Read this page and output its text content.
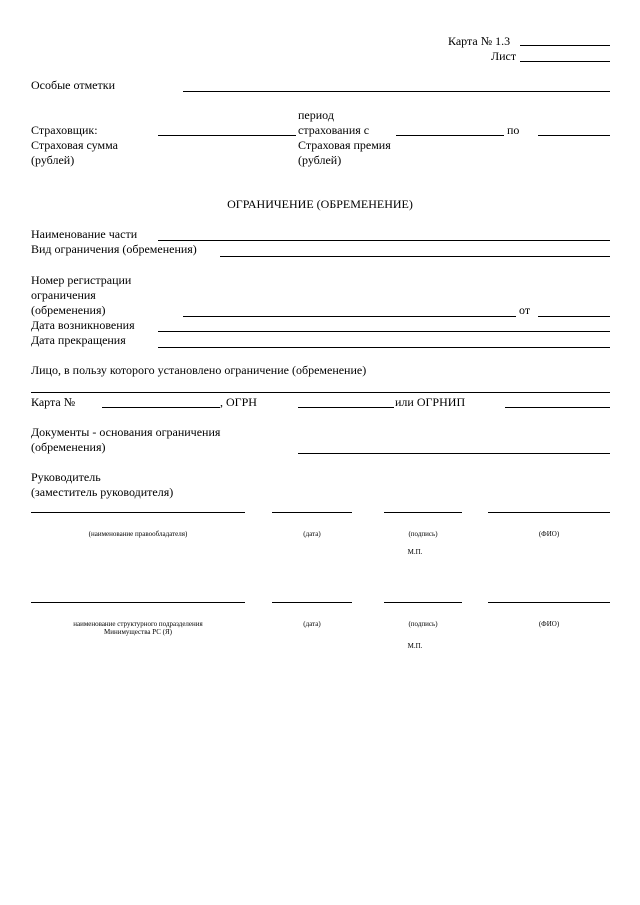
Карта № 1.3
Лист
Особые отметки
период
Страховщик:	страхования с	по
Страховая сумма
(рублей)
Страховая премия
(рублей)
ОГРАНИЧЕНИЕ (ОБРЕМЕНЕНИЕ)
Наименование части
Вид ограничения (обременения)
Номер регистрации
ограничения
(обременения)	от
Дата возникновения
Дата прекращения
Лицо, в пользу которого установлено ограничение (обременение)
Карта №	, ОГРН	или ОГРНИП
Документы - основания ограничения
(обременения)
Руководитель
(заместитель руководителя)
(наименование правообладателя)	(дата)	(подпись)	(ФИО)
М.П.
наименование структурного подразделения
Минимущества РС (Я)
(дата)	(подпись)	(ФИО)
М.П.
